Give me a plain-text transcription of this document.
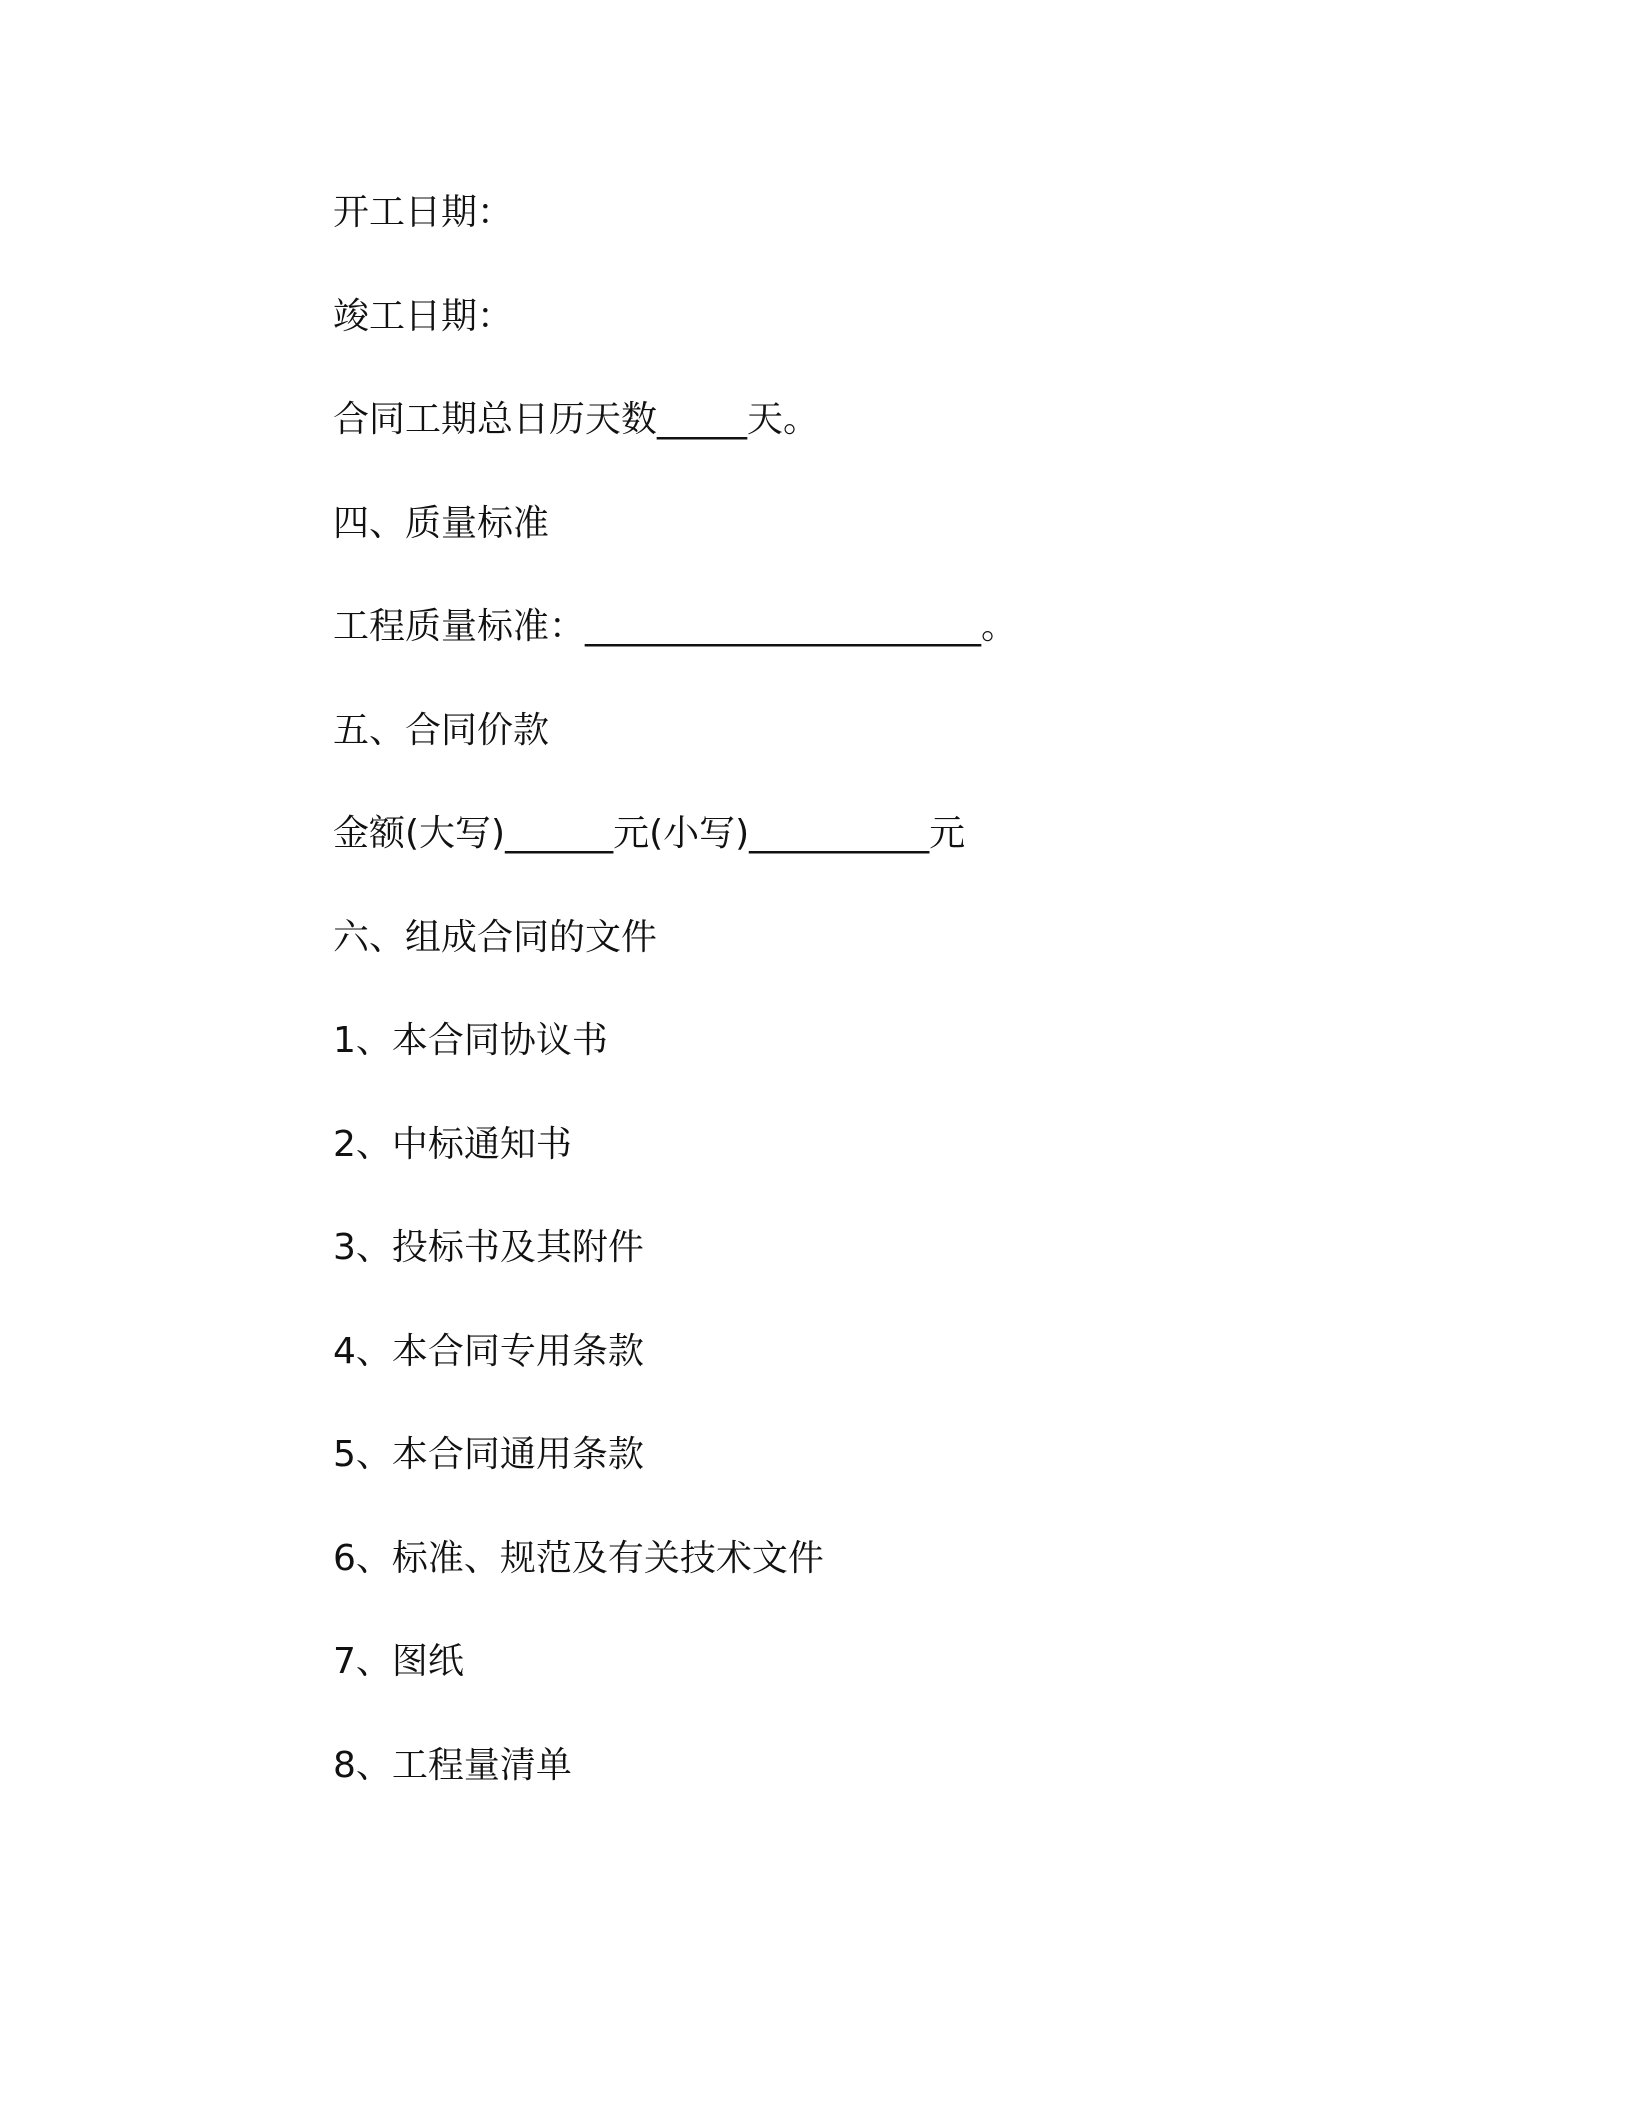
开工日期：
竣工日期：
合同工期总日历天数_____天。
四、质量标准
工程质量标准：______________________。
五、合同价款
金额(大写)______元(小写)__________元
六、组成合同的文件
1、本合同协议书
2、中标通知书
3、投标书及其附件
4、本合同专用条款
5、本合同通用条款
6、标准、规范及有关技术文件
7、图纸
8、工程量清单
